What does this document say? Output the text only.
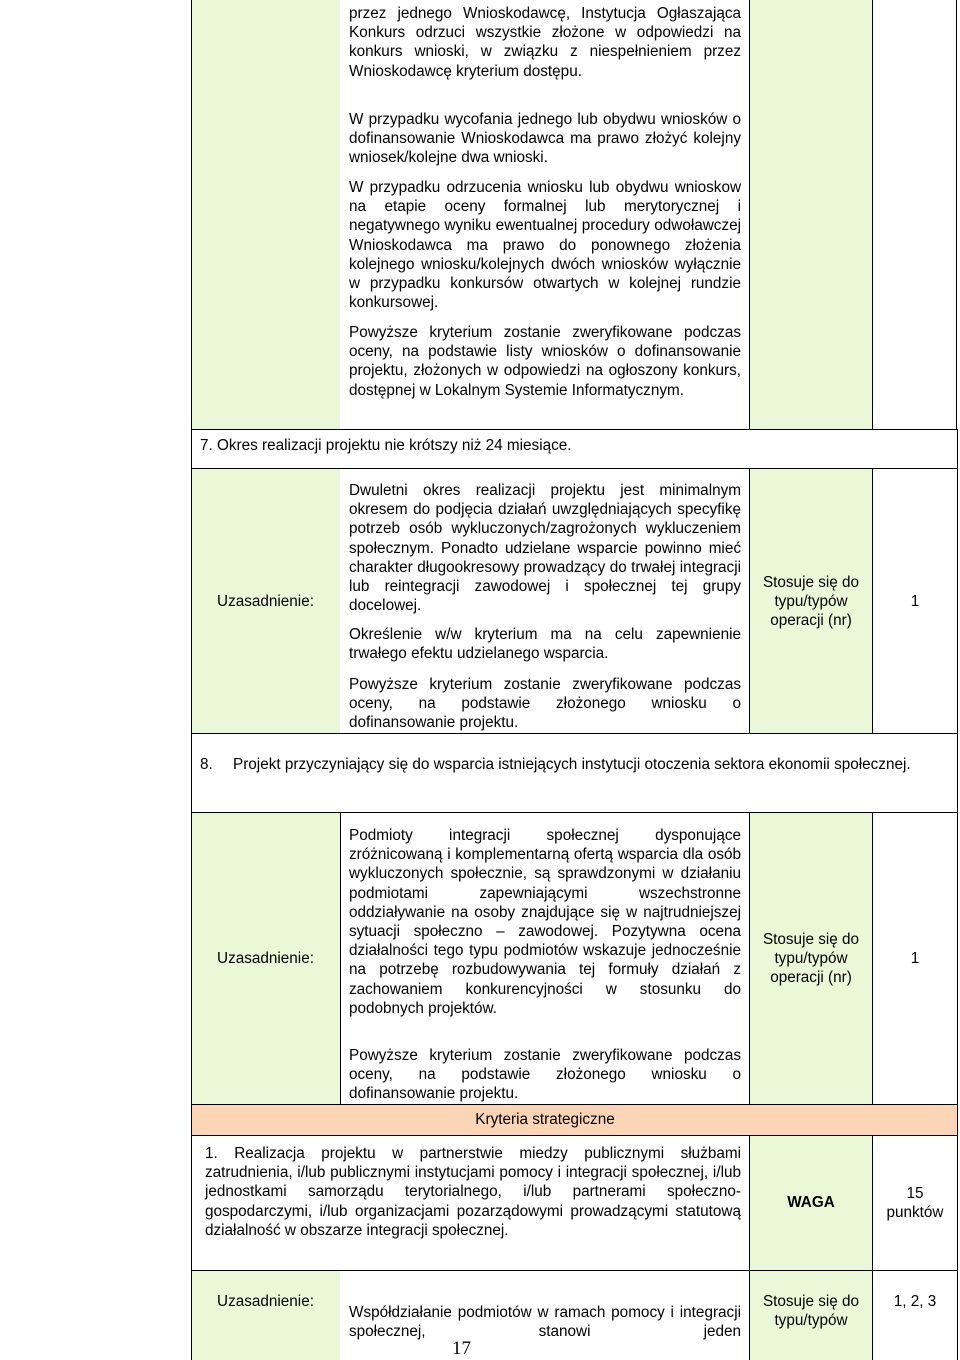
przez jednego Wnioskodawcę, Instytucja Ogłaszająca Konkurs odrzuci wszystkie złożone w odpowiedzi na konkurs wnioski, w związku z niespełnieniem przez Wnioskodawcę kryterium dostępu.

W przypadku wycofania jednego lub obydwu wniosków o dofinansowanie Wnioskodawca ma prawo złożyć kolejny wniosek/kolejne dwa wnioski.

W przypadku odrzucenia wniosku lub obydwu wnioskow na etapie oceny formalnej lub merytorycznej i negatywnego wyniku ewentualnej procedury odwoławczej Wnioskodawca ma prawo do ponownego złożenia kolejnego wniosku/kolejnych dwóch wniosków wyłącznie w przypadku konkursów otwartych w kolejnej rundzie konkursowej.

Powyższe kryterium zostanie zweryfikowane podczas oceny, na podstawie listy wniosków o dofinansowanie projektu, złożonych w odpowiedzi na ogłoszony konkurs, dostępnej w Lokalnym Systemie Informatycznym.

7. Okres realizacji projektu nie krótszy niż 24 miesiące.
Uzasadnienie:

Dwuletni okres realizacji projektu jest minimalnym okresem do podjęcia działań uwzględniających specyfikę potrzeb osób wykluczonych/zagrożonych wykluczeniem społecznym. Ponadto udzielane wsparcie powinno mieć charakter długookresowy prowadzący do trwałej integracji lub reintegracji zawodowej i społecznej tej grupy docelowej.

Określenie w/w kryterium ma na celu zapewnienie trwałego efektu udzielanego wsparcia.

Powyższe kryterium zostanie zweryfikowane podczas oceny, na podstawie złożonego wniosku o dofinansowanie projektu.

Stosuje się do typu/typów operacji (nr)
1
8.	Projekt przyczyniający się do wsparcia istniejących instytucji otoczenia sektora ekonomii społecznej.
Uzasadnienie:

Podmioty integracji społecznej dysponujące zróżnicowaną i komplementarną ofertą wsparcia dla osób wykluczonych społecznie, są sprawdzonymi w działaniu podmiotami zapewniającymi wszechstronne oddziaływanie na osoby znajdujące się w najtrudniejszej sytuacji społeczno – zawodowej. Pozytywna ocena działalności tego typu podmiotów wskazuje jednocześnie na potrzebę rozbudowywania tej formuły działań z zachowaniem konkurencyjności w stosunku do podobnych projektów.

Powyższe kryterium zostanie zweryfikowane podczas oceny, na podstawie złożonego wniosku o dofinansowanie projektu.

Stosuje się do typu/typów operacji (nr)
1
Kryteria strategiczne

1. Realizacja projektu w partnerstwie miedzy publicznymi służbami zatrudnienia, i/lub publicznymi instytucjami pomocy i integracji społecznej, i/lub jednostkami samorządu terytorialnego, i/lub partnerami społeczno-gospodarczymi, i/lub organizacjami pozarządowymi prowadzącymi statutową działalność w obszarze integracji społecznej.

WAGA
15 punktów
Uzasadnienie:

Współdziałanie podmiotów w ramach pomocy i integracji społecznej, stanowi jeden

Stosuje się do typu/typów
1, 2, 3
17
